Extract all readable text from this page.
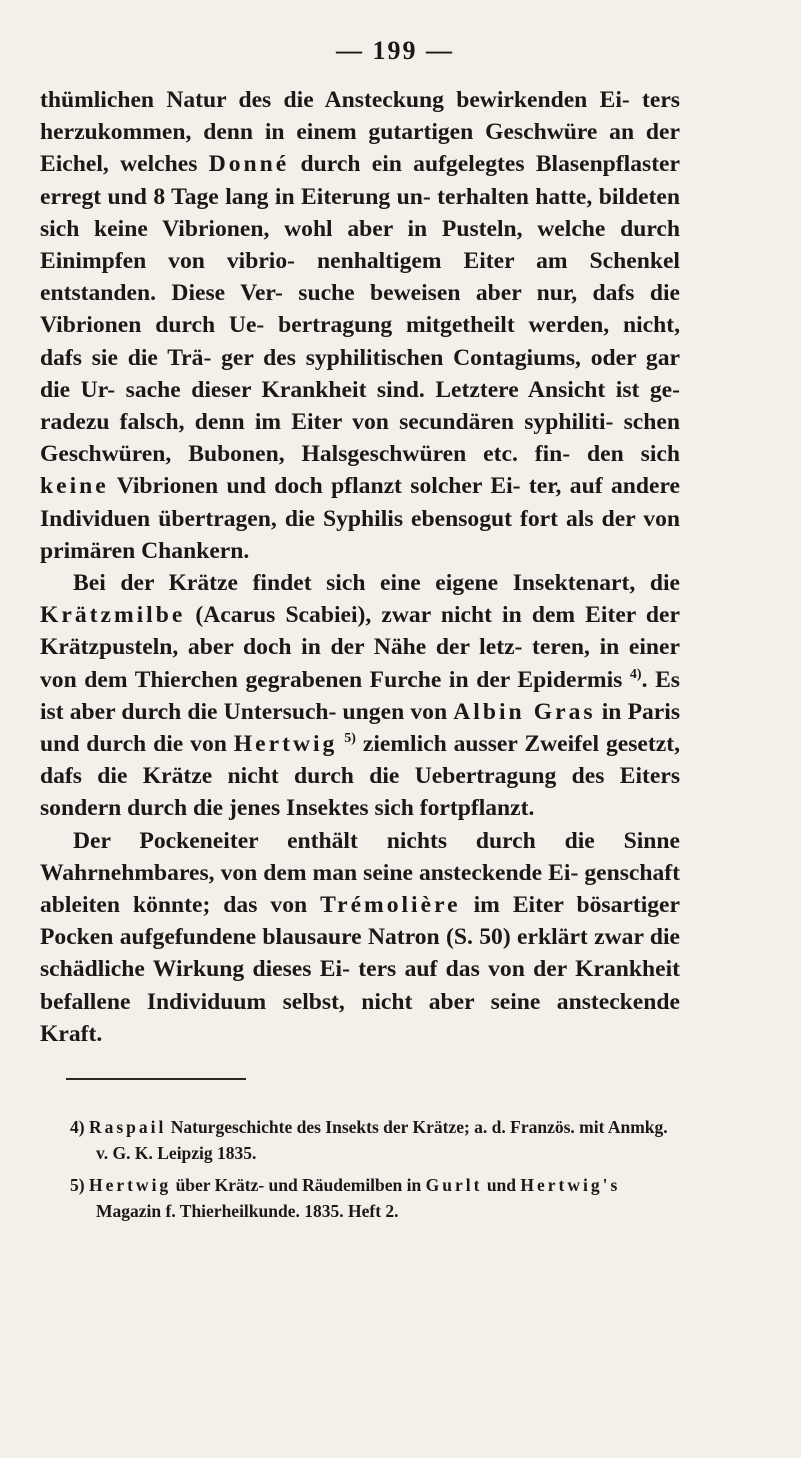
— 199 —
thümlichen Natur des die Ansteckung bewirkenden Ei- ters herzukommen, denn in einem gutartigen Geschwüre an der Eichel, welches Donné durch ein aufgelegtes Blasenpflaster erregt und 8 Tage lang in Eiterung un- terhalten hatte, bildeten sich keine Vibrionen, wohl aber in Pusteln, welche durch Einimpfen von vibrio- nenhaltigem Eiter am Schenkel entstanden. Diese Ver- suche beweisen aber nur, dafs die Vibrionen durch Ue- bertragung mitgetheilt werden, nicht, dafs sie die Trä- ger des syphilitischen Contagiums, oder gar die Ur- sache dieser Krankheit sind. Letztere Ansicht ist ge- radezu falsch, denn im Eiter von secundären syphiliti- schen Geschwüren, Bubonen, Halsgeschwüren etc. fin- den sich keine Vibrionen und doch pflanzt solcher Ei- ter, auf andere Individuen übertragen, die Syphilis ebensogut fort als der von primären Chankern.
Bei der Krätze findet sich eine eigene Insektenart, die Krätzmilbe (Acarus Scabiei), zwar nicht in dem Eiter der Krätzpusteln, aber doch in der Nähe der letz- teren, in einer von dem Thierchen gegrabenen Furche in der Epidermis $^{4)}$. Es ist aber durch die Untersuch- ungen von Albin Gras in Paris und durch die von Hertwig $^{5)}$ ziemlich ausser Zweifel gesetzt, dafs die Krätze nicht durch die Uebertragung des Eiters sondern durch die jenes Insektes sich fortpflanzt.
Der Pockeneiter enthält nichts durch die Sinne Wahrnehmbares, von dem man seine ansteckende Ei- genschaft ableiten könnte; das von Trémolière im Eiter bösartiger Pocken aufgefundene blausaure Natron (S. 50) erklärt zwar die schädliche Wirkung dieses Ei- ters auf das von der Krankheit befallene Individuum selbst, nicht aber seine ansteckende Kraft.
4) Raspail Naturgeschichte des Insekts der Krätze; a. d. Französ. mit Anmkg. v. G. K. Leipzig 1835.
5) Hertwig über Krätz- und Räudemilben in Gurlt und Hertwig's Magazin f. Thierheilkunde. 1835. Heft 2.
